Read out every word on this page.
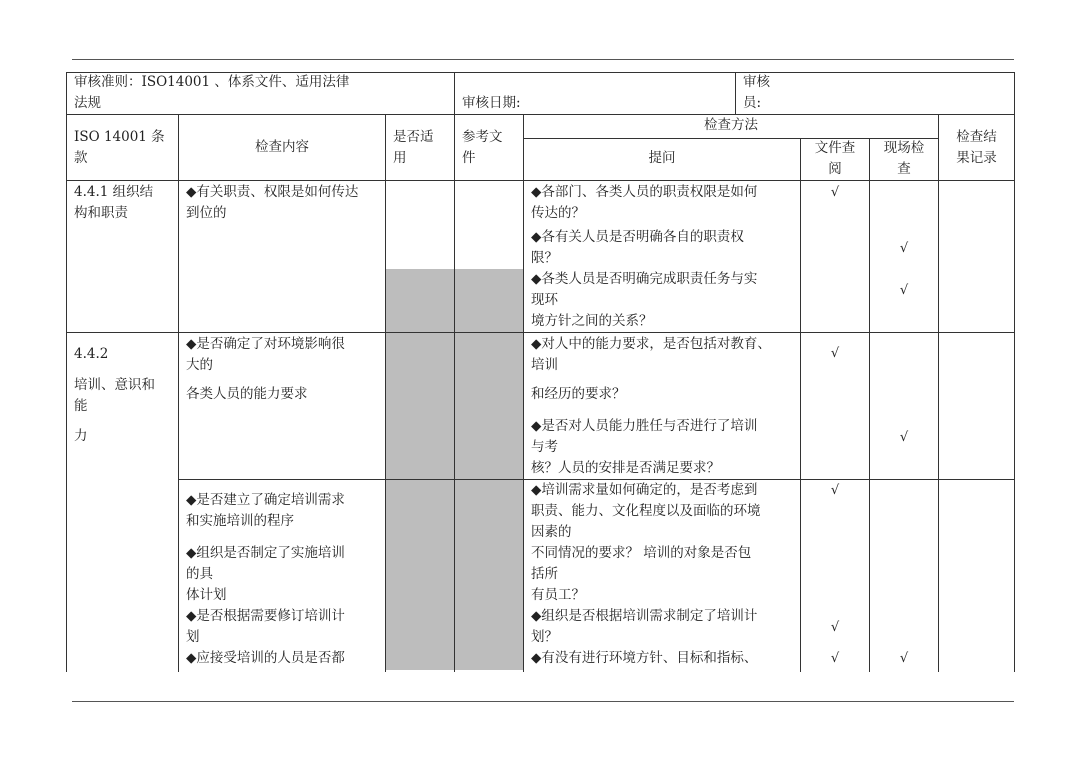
审核准则：ISO14001 、体系文件、适用法律
法规	审核日期:
审核
员:
ISO 14001 条
款
检查内容
是否适
用
参考文
件
检查方法
提问
文件查
阅
现场检
查
检查结
果记录
4.4.1 组织结
构和职责
◆有关职责、权限是如何传达
到位的
◆各部门、各类人员的职责权限是如何
传达的？
◆各有关人员是否明确各自的职责权
限？
◆各类人员是否明确完成职责任务与实
现环
境方针之间的关系？
√
√
√
4.4.2
培训、意识和
能
力
◆是否确定了对环境影响很
大的
各类人员的能力要求
◆对人中的能力要求，是否包括对教育、
培训
和经历的要求？
◆是否对人员能力胜任与否进行了培训
与考
核？人员的安排是否满足要求？
√
√
◆是否建立了确定培训需求
和实施培训的程序
◆组织是否制定了实施培训
的具
体计划
◆是否根据需要修订培训计
划
◆应接受培训的人员是否都
◆培训需求量如何确定的，是否考虑到
职责、能力、文化程度以及面临的环境
因素的
不同情况的要求？ 培训的对象是否包
括所
有员工？
◆组织是否根据培训需求制定了培训计
划？
◆有没有进行环境方针、目标和指标、
√
√
√	√
